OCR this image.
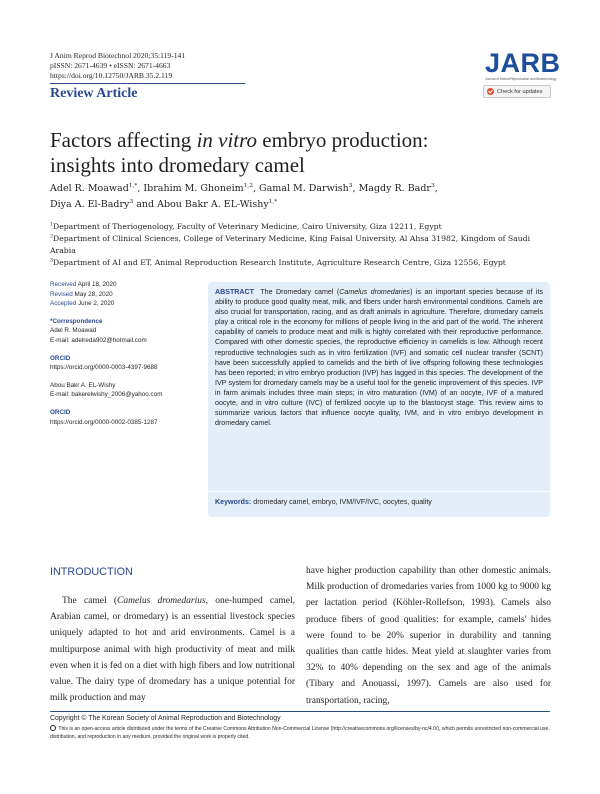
J Anim Reprod Biotechnol 2020;35:119-141
pISSN: 2671-4639 • eISSN: 2671-4663
https://doi.org/10.12750/JARB.35.2.119
Review Article
JARB
Journal of Animal Reproduction and Biotechnology
Check for updates
Factors affecting in vitro embryo production:
insights into dromedary camel
Adel R. Moawad$^{1,*}$, Ibrahim M. Ghoneim$^{1,2}$, Gamal M. Darwish$^3$, Magdy R. Badr$^3$,
Diya A. El-Badry$^3$ and Abou Bakr A. EL-Wishy$^{1,*}$
$^1$Department of Theriogenology, Faculty of Veterinary Medicine, Cairo University, Giza 12211, Egypt
$^2$Department of Clinical Sciences, College of Veterinary Medicine, King Faisal University, Al Ahsa 31982, Kingdom of Saudi Arabia
$^3$Department of AI and ET, Animal Reproduction Research Institute, Agriculture Research Centre, Giza 12556, Egypt
Received April 18, 2020
Revised May 28, 2020
Accepted June 2, 2020
*Correspondence
Adel R. Moawad
E-mail: adelreda902@hotmail.com
ORCID
https://orcid.org/0000-0003-4397-9688
Abou Bakr A. EL-Wishy
E-mail: bakerelwishy_2006@yahoo.com
ORCID
https://orcid.org/0000-0002-0385-1287
ABSTRACT The Dromedary camel (Camelus dromedaries) is an important species because of its ability to produce good quality meat, milk, and fibers under harsh environmental conditions. Camels are also crucial for transportation, racing, and as draft animals in agriculture. Therefore, dromedary camels play a critical role in the economy for millions of people living in the arid part of the world. The inherent capability of camels to produce meat and milk is highly correlated with their reproductive performance. Compared with other domestic species, the reproductive efficiency in camelids is low. Although recent reproductive technologies such as in vitro fertilization (IVF) and somatic cell nuclear transfer (SCNT) have been successfully applied to camelids and the birth of live offspring following these technologies has been reported; in vitro embryo production (IVP) has lagged in this species. The development of the IVP system for dromedary camels may be a useful tool for the genetic improvement of this species. IVP in farm animals includes three main steps; in vitro maturation (IVM) of an oocyte, IVF of a matured oocyte, and in vitro culture (IVC) of fertilized oocyte up to the blastocyst stage. This review aims to summarize various factors that influence oocyte quality, IVM, and in vitro embryo development in dromedary camel.
Keywords: dromedary camel, embryo, IVM/IVF/IVC, oocytes, quality
INTRODUCTION
The camel (Camelus dromedarius, one-humped camel, Arabian camel, or dromedary) is an essential livestock species uniquely adapted to hot and arid environments. Camel is a multipurpose animal with high productivity of meat and milk even when it is fed on a diet with high fibers and low nutritional value. The dairy type of dromedary has a unique potential for milk production and may
have higher production capability than other domestic animals. Milk production of dromedaries varies from 1000 kg to 9000 kg per lactation period (Köhler-Rollefson, 1993). Camels also produce fibers of good qualities: for example, camels' hides were found to be 20% superior in durability and tanning qualities than cattle hides. Meat yield at slaughter varies from 32% to 40% depending on the sex and age of the animals (Tibary and Anouassi, 1997). Camels are also used for transportation, racing,
Copyright © The Korean Society of Animal Reproduction and Biotechnology
This is an open-access article distributed under the terms of the Creative Commons Attribution Non-Commercial License (http://creativecommons.org/licenses/by-nc/4.0/), which permits unrestricted non-commercial use, distribution, and reproduction in any medium, provided the original work is properly cited.
